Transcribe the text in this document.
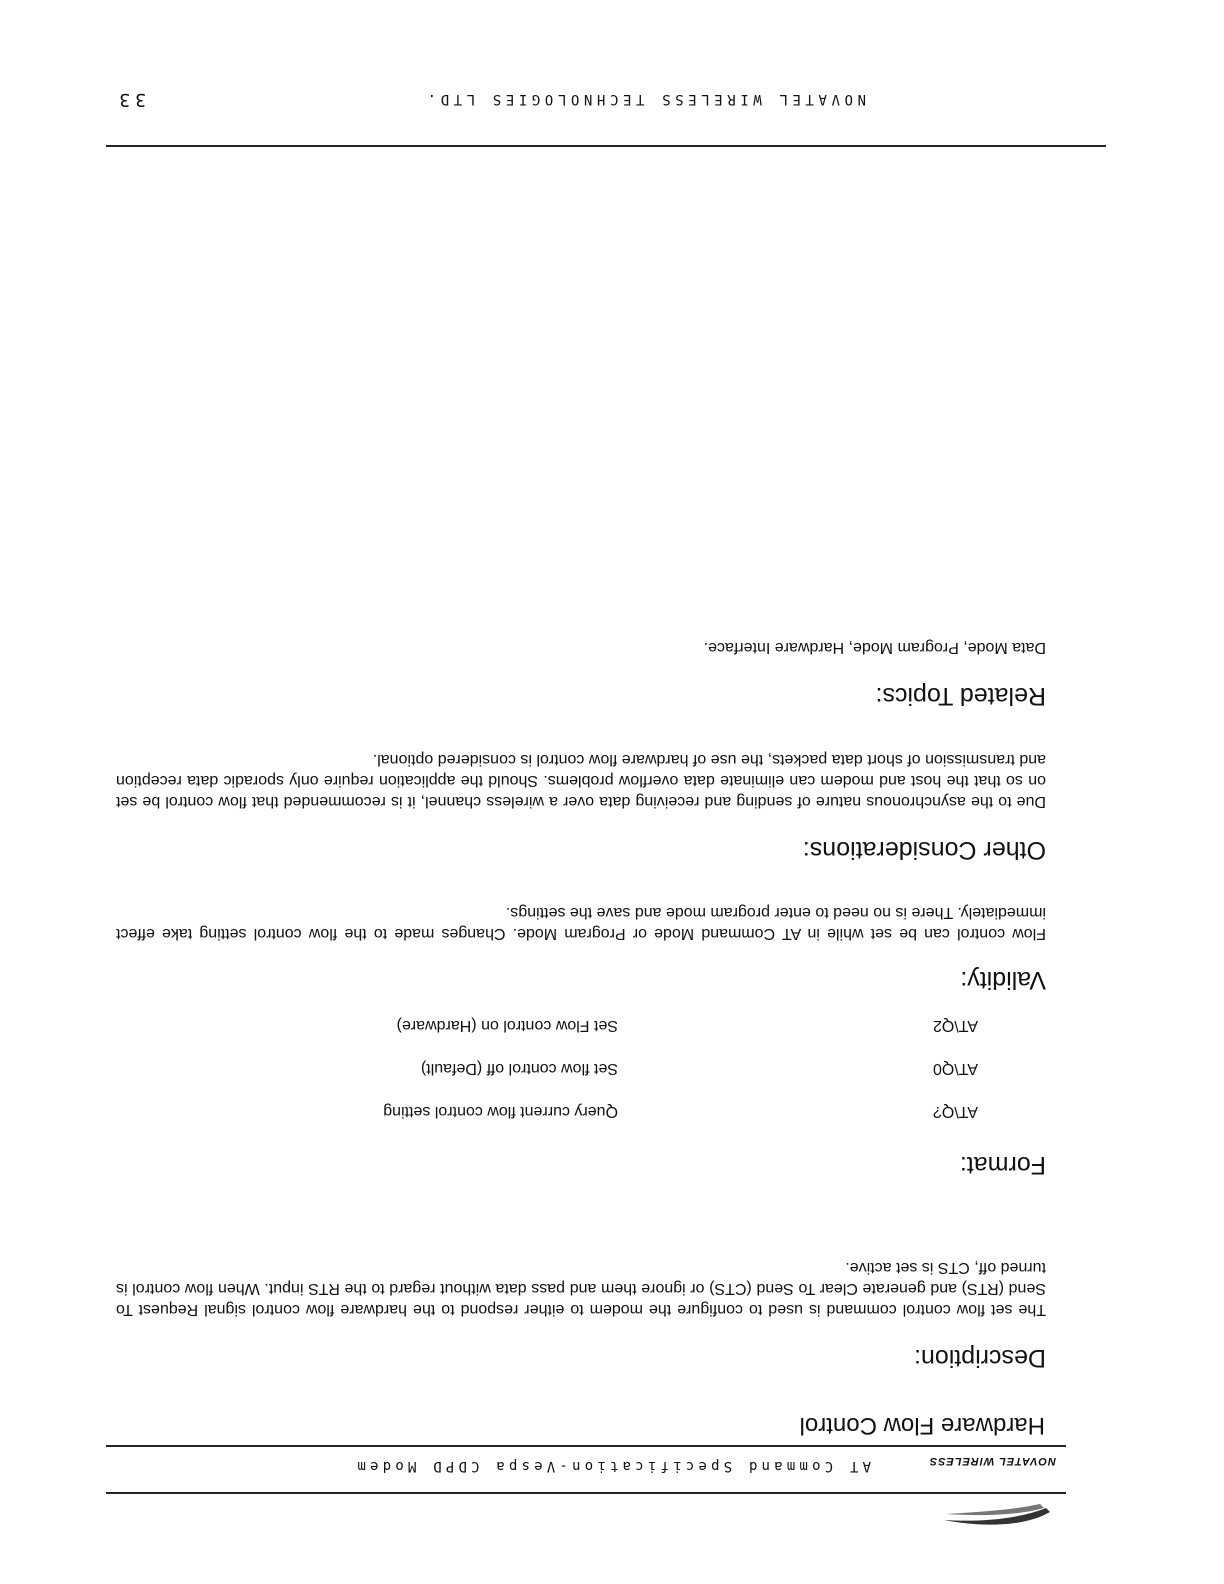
NOVATEL WIRELESS
AT Command Specification-Vespa CDPD Modem
Hardware Flow Control
Description:

The set flow control command is used to configure the modem to either respond to the hardware flow control signal Request To Send (RTS) and generate Clear To Send (CTS) or ignore them and pass data without regard to the RTS input. When flow control is turned off, CTS is set active.

Format:
AT\Q?
Query current flow control setting
AT\Q0
Set flow control off (Default)
AT\Q2
Set Flow control on (Hardware)
Validity:

Flow control can be set while in AT Command Mode or Program Mode. Changes made to the flow control setting take effect immediately. There is no need to enter program mode and save the settings.

Other Considerations:

Due to the asynchronous nature of sending and receiving data over a wireless channel, it is recommended that flow control be set on so that the host and modem can eliminate data overflow problems. Should the application require only sporadic data reception and transmission of short data packets, the use of hardware flow control is considered optional.

Related Topics:

Data Mode, Program Mode, Hardware Interface.

NOVATEL WIRELESS TECHNOLOGIES LTD.
33
